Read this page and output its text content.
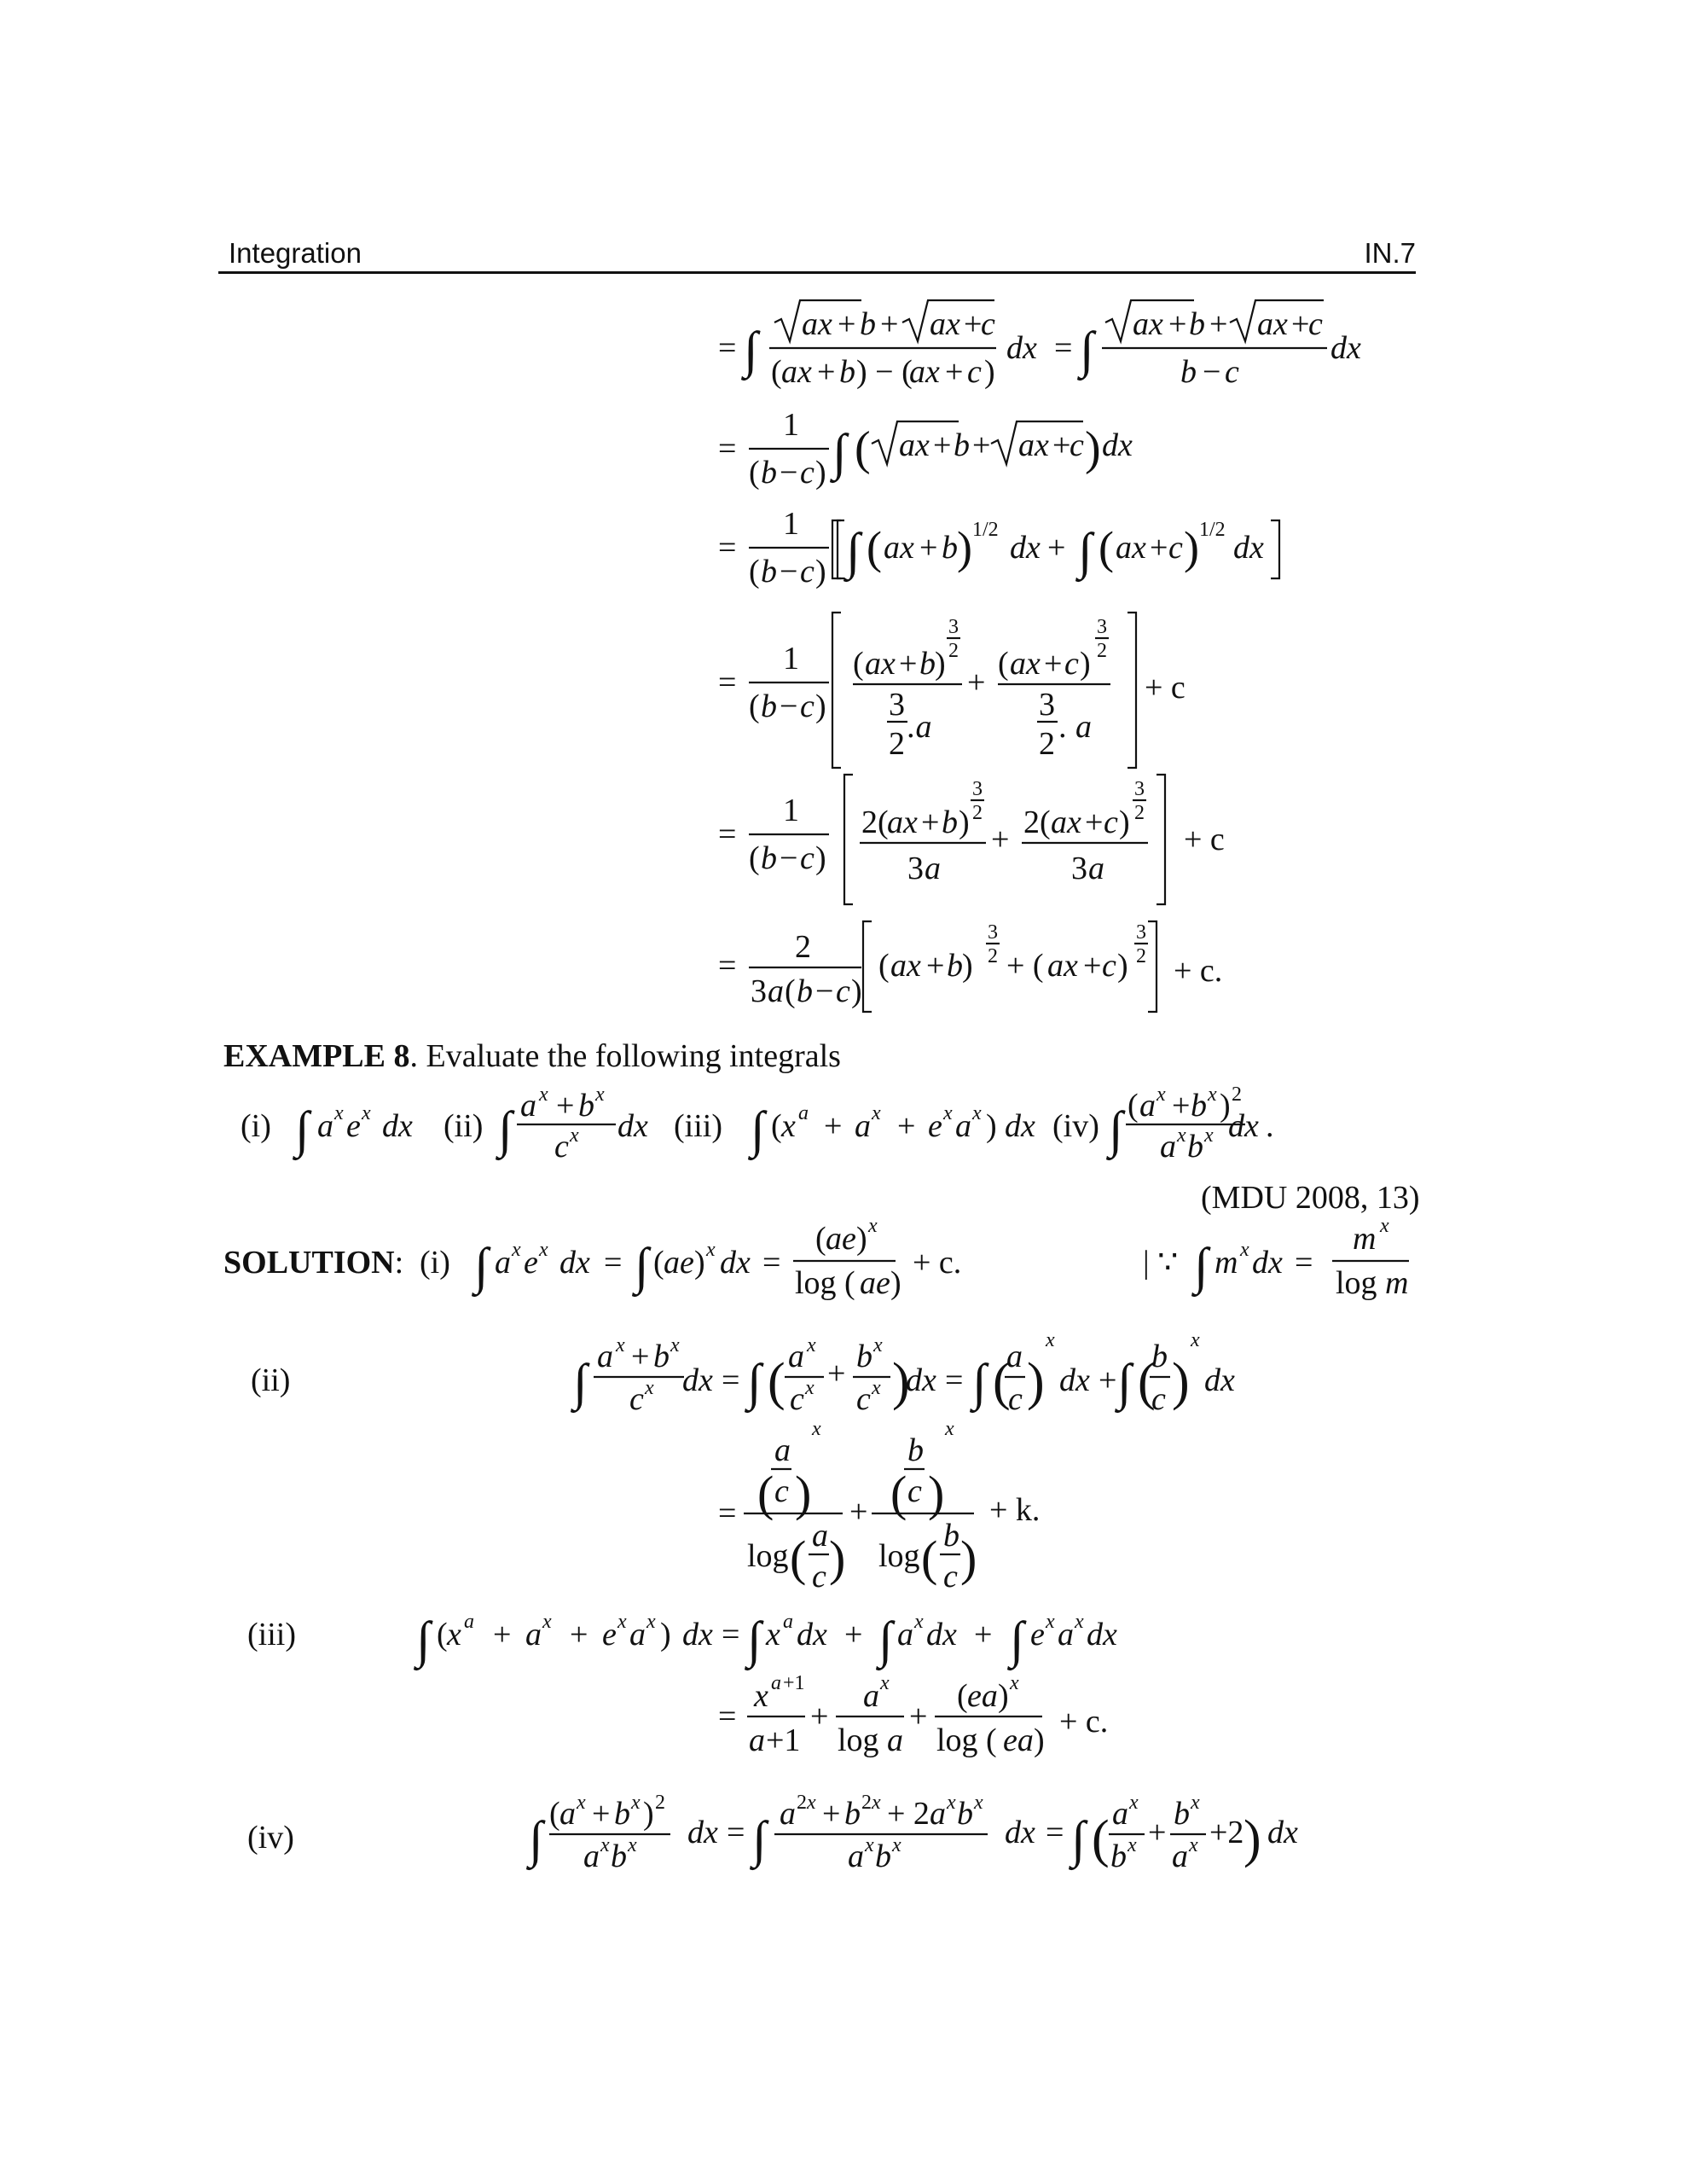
Integration	IN.7
= ∫ ax + b + ax +
c
( ax + b ) − (
ax + c )
dx = ∫ ax + b + ax +
c
b − c
dx
=
1
( b − c ) ∫ ( ax + b + ax +
c ) dx
=
1
( b − c ) ∫ ( ax + b ) 1/2 dx + ∫ ( ax + c ) 1/2 dx
=
1
( b − c )
3
2
( ax + b )
3
2 .a
+
3
2
( ax + c )
3
2 . a
+ c
=
1
( b − c )
3
2
2(
ax + b )
3 a
+
3
2
2( ax + c )
3 a
+ c
=
2
3 a ( b − c )
( ax + b )
3
2 + ( ax + c )
3
2 + c.
EXAMPLE 8. Evaluate the following integrals
(i) ∫ a x e x dx (ii) ∫ a x + b x
c x dx (iii) ∫ ( x a + a x + e x a x ) dx (iv) ∫ ( a x + b x ) 2
a x b x dx .
(MDU 2008, 13)
SOLUTION: (i) ∫ a x e x dx = ∫ ( ae ) x dx =
( ae ) x
log ( ae )
+ c.	| ∵ ∫ m x dx =
m x
log m
(ii)	∫ a x + b x
c x dx = ∫ ( a x
c x + b x
c x )
dx = ∫ (
a
c )
x
dx + ∫ (
b
c )
x
dx
= (
a
c )
x
log ( a
c )
+ (
b
c )
x
log ( b
c )
+ k.
(iii) ∫ ( x a + a x + e x a x ) dx = ∫ x a dx + ∫ a x dx + ∫ e x a x dx
=
x a +1
a +1
+
a x
log a
+
( ea ) x
log ( ea )
+ c.
(iv)	∫ ( a x + b x ) 2
a x b x dx = ∫ a 2 x + b 2 x + 2 a x b x
a x b x	dx = ∫ ( a x
b x +
b x
a x +2 ) dx
